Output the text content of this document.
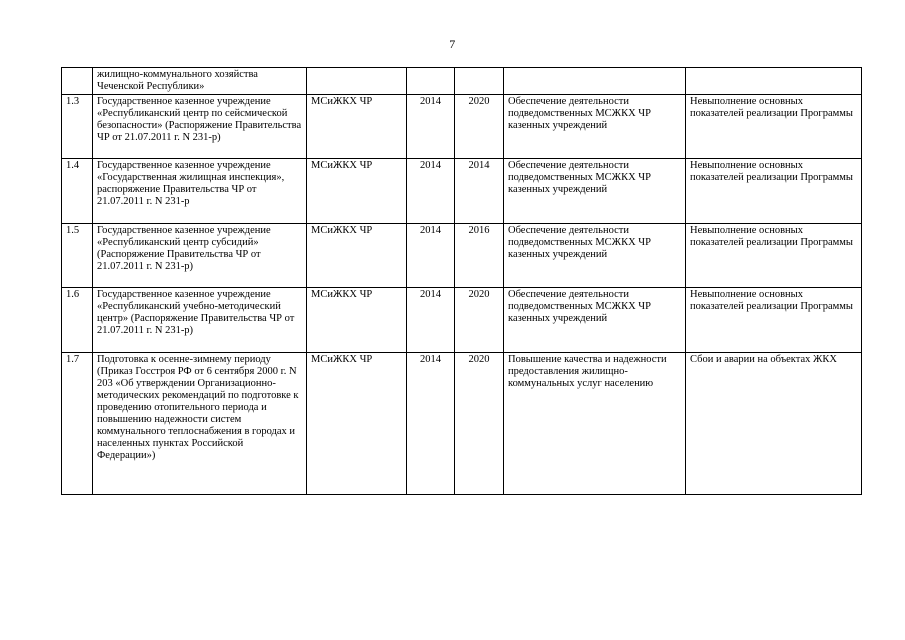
7
	жилищно-коммунального хозяйства Чеченской Республики»					
1.3	Государственное казенное учреждение «Республиканский центр по сейсмической безопасности» (Распоряжение Правительства ЧР от 21.07.2011 г. N 231-р)	МСиЖКХ ЧР	2014	2020	Обеспечение деятельности подведомственных МСЖКХ ЧР казенных учреждений	Невыполнение основных показателей реализации Программы
1.4	Государственное казенное учреждение «Государственная жилищная инспекция», распоряжение Правительства ЧР от 21.07.2011 г. N 231-р	МСиЖКХ ЧР	2014	2014	Обеспечение деятельности подведомственных МСЖКХ ЧР казенных учреждений	Невыполнение основных показателей реализации Программы
1.5	Государственное казенное учреждение «Республиканский центр субсидий» (Распоряжение Правительства ЧР от 21.07.2011 г. N 231-р)	МСиЖКХ ЧР	2014	2016	Обеспечение деятельности подведомственных МСЖКХ ЧР казенных учреждений	Невыполнение основных показателей реализации Программы
1.6	Государственное казенное учреждение «Республиканский учебно-методический центр» (Распоряжение Правительства ЧР от 21.07.2011 г. N 231-р)	МСиЖКХ ЧР	2014	2020	Обеспечение деятельности подведомственных МСЖКХ ЧР казенных учреждений	Невыполнение основных показателей реализации Программы
1.7	Подготовка к осенне-зимнему периоду (Приказ Госстроя РФ от 6 сентября 2000 г. N 203 «Об утверждении Организационно-методических рекомендаций по подготовке к проведению отопительного периода и повышению надежности систем коммунального теплоснабжения в городах и населенных пунктах Российской Федерации»)	МСиЖКХ ЧР	2014	2020	Повышение качества и надежности предоставления жилищно-коммунальных услуг населению	Сбои и аварии на объектах ЖКХ
